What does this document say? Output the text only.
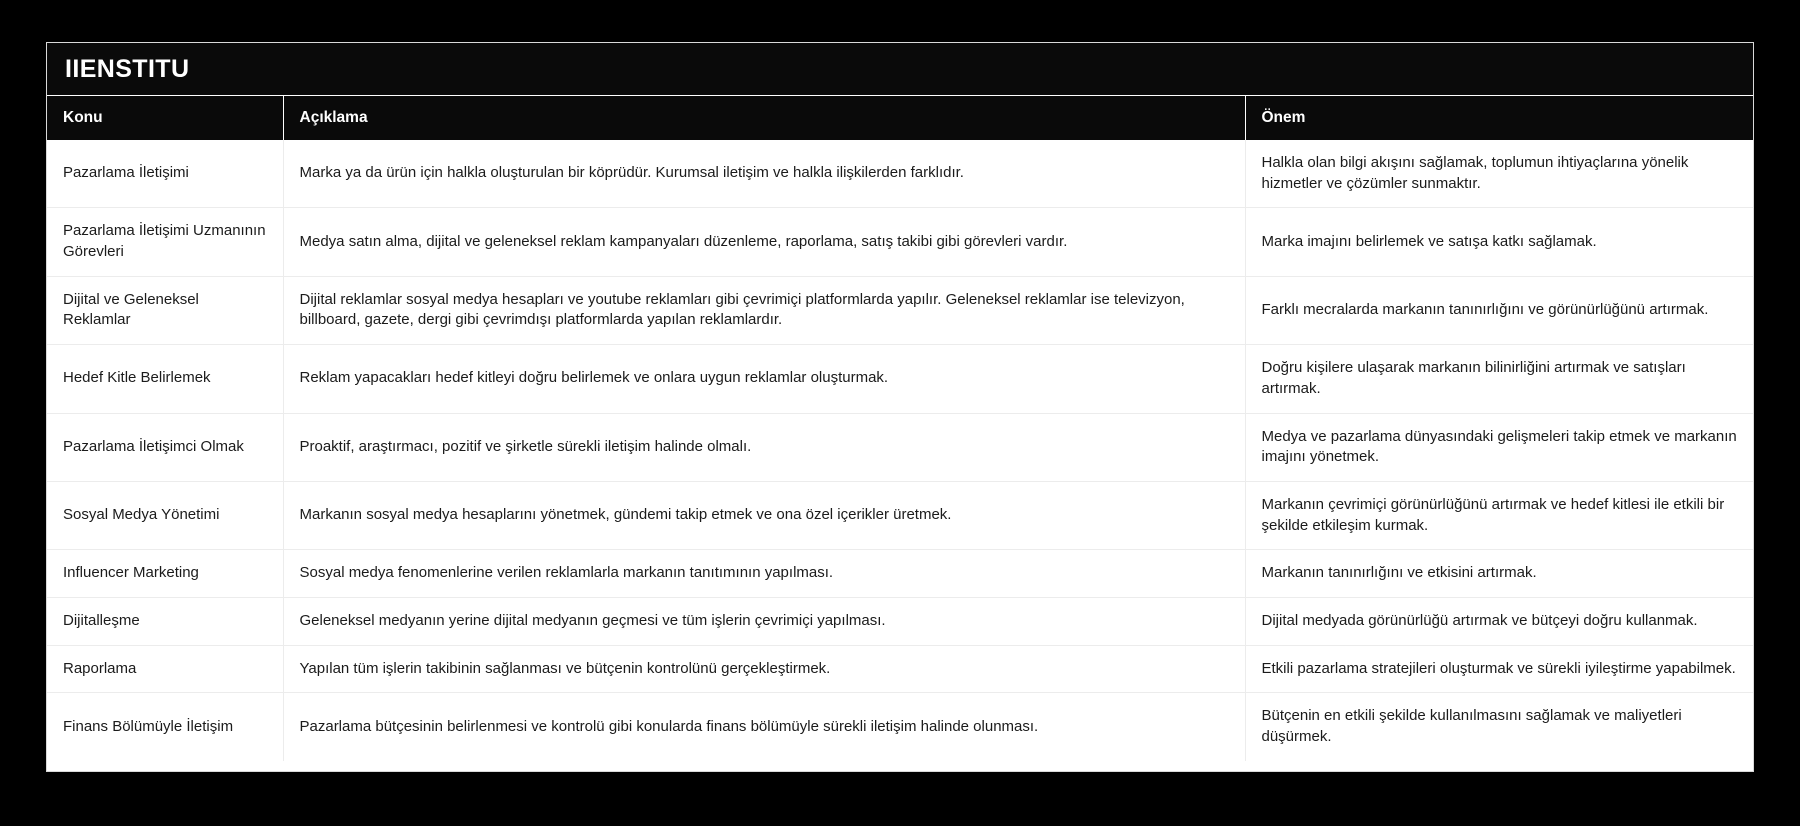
IIENSTITU
Konu	Açıklama	Önem
Pazarlama İletişimi	Marka ya da ürün için halkla oluşturulan bir köprüdür. Kurumsal iletişim ve halkla ilişkilerden farklıdır.	Halkla olan bilgi akışını sağlamak, toplumun ihtiyaçlarına yönelik hizmetler ve çözümler sunmaktır.
Pazarlama İletişimi Uzmanının Görevleri	Medya satın alma, dijital ve geleneksel reklam kampanyaları düzenleme, raporlama, satış takibi gibi görevleri vardır.	Marka imajını belirlemek ve satışa katkı sağlamak.
Dijital ve Geleneksel Reklamlar	Dijital reklamlar sosyal medya hesapları ve youtube reklamları gibi çevrimiçi platformlarda yapılır. Geleneksel reklamlar ise televizyon, billboard, gazete, dergi gibi çevrimdışı platformlarda yapılan reklamlardır.	Farklı mecralarda markanın tanınırlığını ve görünürlüğünü artırmak.
Hedef Kitle Belirlemek	Reklam yapacakları hedef kitleyi doğru belirlemek ve onlara uygun reklamlar oluşturmak.	Doğru kişilere ulaşarak markanın bilinirliğini artırmak ve satışları artırmak.
Pazarlama İletişimci Olmak	Proaktif, araştırmacı, pozitif ve şirketle sürekli iletişim halinde olmalı.	Medya ve pazarlama dünyasındaki gelişmeleri takip etmek ve markanın imajını yönetmek.
Sosyal Medya Yönetimi	Markanın sosyal medya hesaplarını yönetmek, gündemi takip etmek ve ona özel içerikler üretmek.	Markanın çevrimiçi görünürlüğünü artırmak ve hedef kitlesi ile etkili bir şekilde etkileşim kurmak.
Influencer Marketing	Sosyal medya fenomenlerine verilen reklamlarla markanın tanıtımının yapılması.	Markanın tanınırlığını ve etkisini artırmak.
Dijitalleşme	Geleneksel medyanın yerine dijital medyanın geçmesi ve tüm işlerin çevrimiçi yapılması.	Dijital medyada görünürlüğü artırmak ve bütçeyi doğru kullanmak.
Raporlama	Yapılan tüm işlerin takibinin sağlanması ve bütçenin kontrolünü gerçekleştirmek.	Etkili pazarlama stratejileri oluşturmak ve sürekli iyileştirme yapabilmek.
Finans Bölümüyle İletişim	Pazarlama bütçesinin belirlenmesi ve kontrolü gibi konularda finans bölümüyle sürekli iletişim halinde olunması.	Bütçenin en etkili şekilde kullanılmasını sağlamak ve maliyetleri düşürmek.
